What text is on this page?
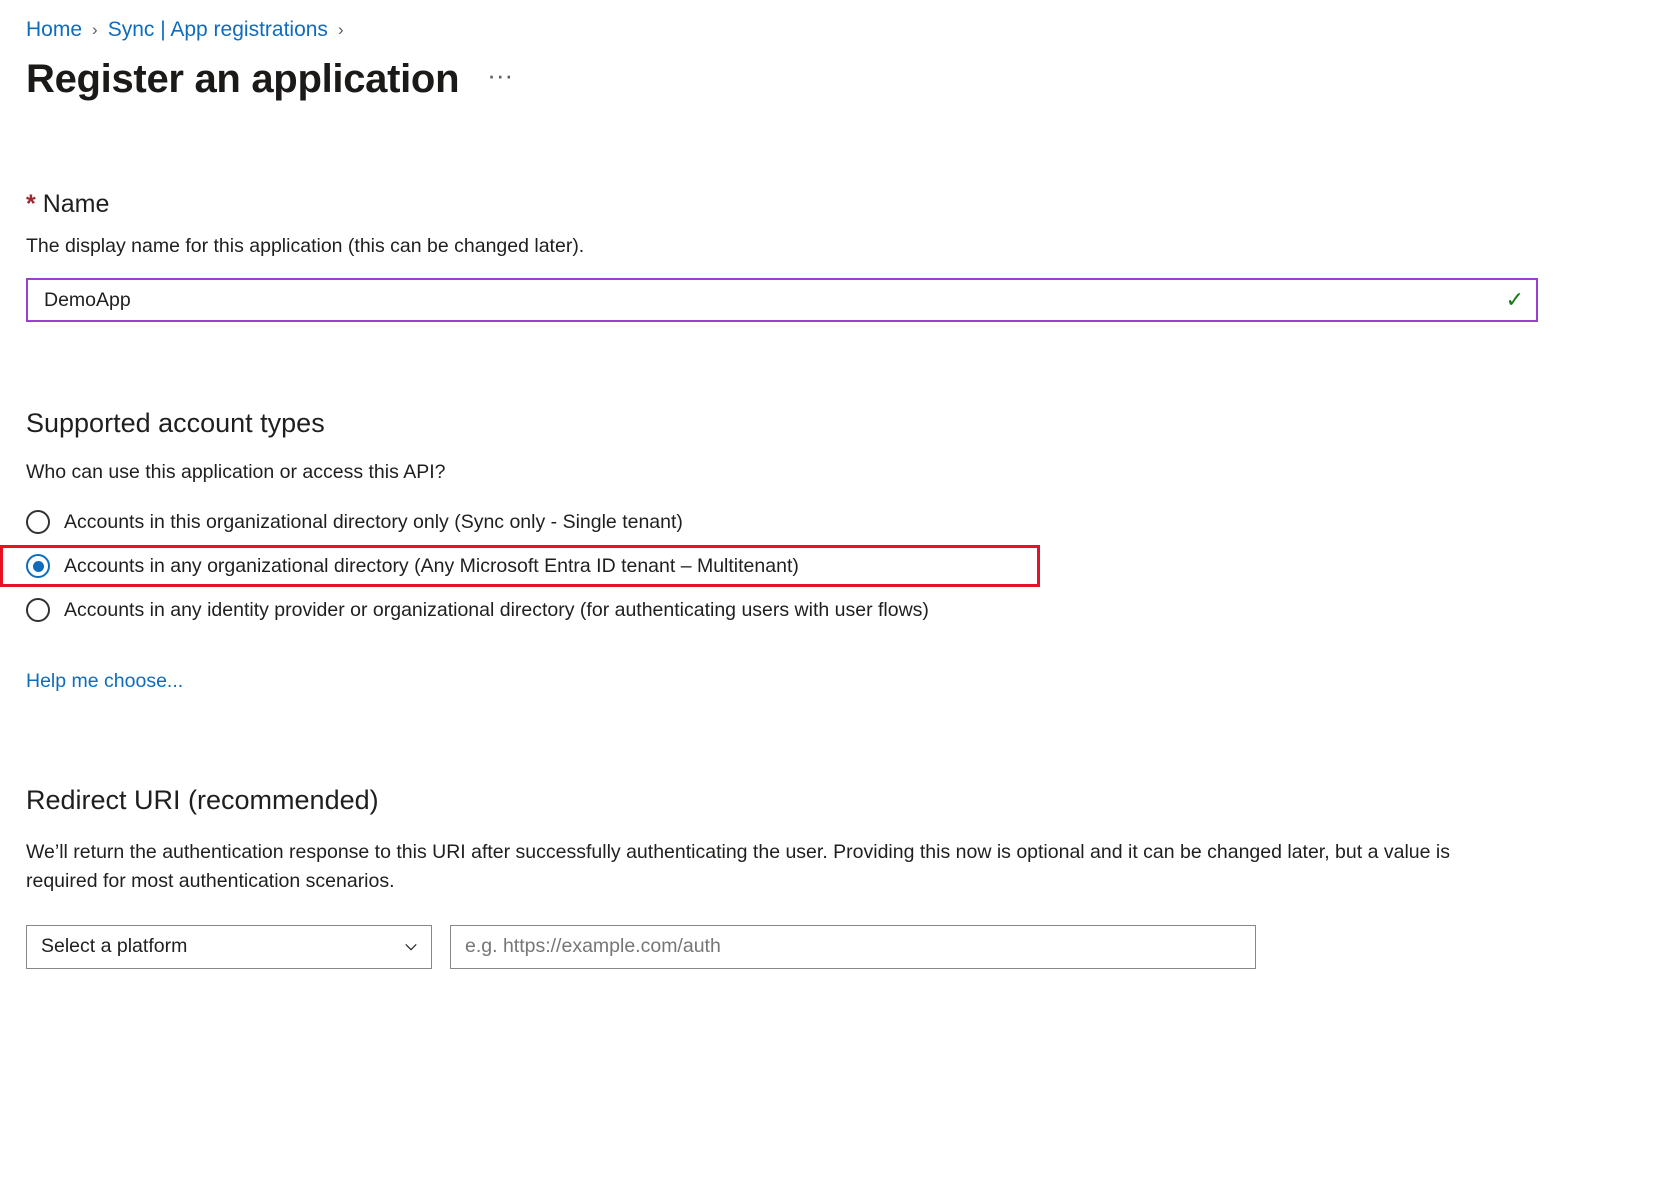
Home › Sync | App registrations ›
Register an application ···
* Name
The display name for this application (this can be changed later).
DemoApp
✓
Supported account types
Who can use this application or access this API?
Accounts in this organizational directory only (Sync only - Single tenant)
Accounts in any organizational directory (Any Microsoft Entra ID tenant – Multitenant)
Accounts in any identity provider or organizational directory (for authenticating users with user flows)
Help me choose...
Redirect URI (recommended)
We’ll return the authentication response to this URI after successfully authenticating the user. Providing this now is optional and it can be changed later, but a value is required for most authentication scenarios.
Select a platform
e.g. https://example.com/auth
